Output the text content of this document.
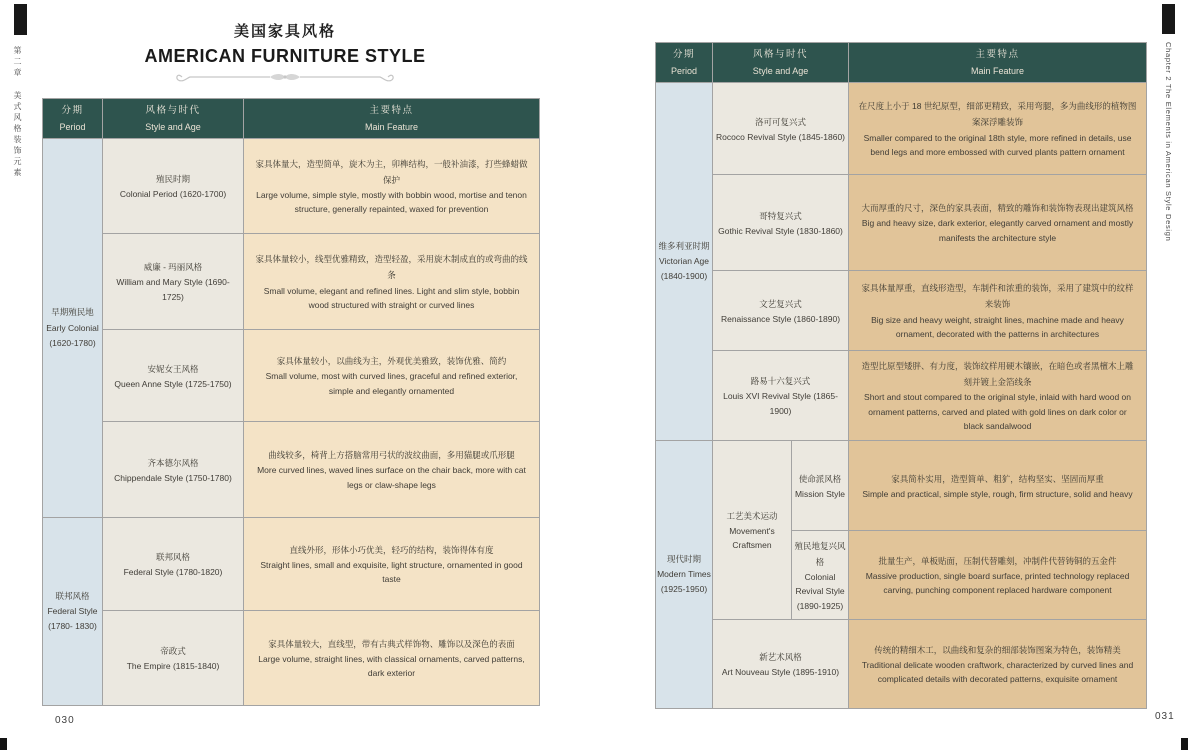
第二章 美式风格装饰元素	Chapter 2 The Elements in American Style Design
美国家具风格
AMERICAN FURNITURE STYLE
分期
Period	风格与时代
Style and Age	主要特点
Main Feature

早期殖民地
Early Colonial
(1620-1780)	殖民时期
Colonial Period (1620-1700)	家具体量大，造型简单，旋木为主，卯榫结构，一般补油漆，打些蜂蜡做保护
Large volume, simple style, mostly with bobbin wood, mortise and tenon structure, generally repainted, waxed for prevention

	威廉 - 玛丽风格
William and Mary Style (1690-1725)	家具体量较小，线型优雅精致，造型轻盈，采用旋木制成直的或弯曲的线条
Small volume, elegant and refined lines. Light and slim style, bobbin wood structured with straight or curved lines

	安妮女王风格
Queen Anne Style (1725-1750)	家具体量较小，以曲线为主，外观优美雅致，装饰优雅、简约
Small volume, most with curved lines, graceful and refined exterior, simple and elegantly ornamented

	齐本德尔风格
Chippendale Style (1750-1780)	曲线较多，椅背上方搭脑常用弓状的波纹曲面，多用猫腿或爪形腿
More curved lines, waved lines surface on the chair back, more with cat legs or claw-shape legs

联邦风格
Federal Style
(1780- 1830)	联邦风格
Federal Style (1780-1820)	直线外形，形体小巧优美，轻巧的结构，装饰得体有度
Straight lines, small and exquisite, light structure, ornamented in good taste

	帝政式
The Empire (1815-1840)	家具体量较大，直线型，带有古典式样饰物、雕饰以及深色的表面
Large volume, straight lines, with classical ornaments, carved patterns, dark exterior
分期
Period	风格与时代
Style and Age		主要特点
Main Feature

维多利亚时期
Victorian Age
(1840-1900)	洛可可复兴式
Rococo Revival Style (1845-1860)		在尺度上小于 18 世纪原型，细部更精致，采用弯腿，多为曲线形的植物图案深浮雕装饰
Smaller compared to the original 18th style, more refined in details, use bend legs and more embossed with curved plants pattern ornament

	哥特复兴式
Gothic Revival Style (1830-1860)		大而厚重的尺寸，深色的家具表面，精致的雕饰和装饰物表现出建筑风格
Big and heavy size, dark exterior, elegantly carved ornament and mostly manifests the architecture style

	文艺复兴式
Renaissance Style (1860-1890)		家具体量厚重，直线形造型，车制件和浓重的装饰，采用了建筑中的纹样来装饰
Big size and heavy weight, straight lines, machine made and heavy ornament, decorated with the patterns in architectures

	路易十六复兴式
Louis XVI Revival Style (1865-1900)		造型比原型矮胖、有力度，装饰纹样用硬木镶嵌，在暗色或者黑檀木上雕刻并镀上金箔线条
Short and stout compared to the original style, inlaid with hard wood on ornament patterns, carved and plated with gold lines on dark color or black sandalwood

现代时期
Modern Times
(1925-1950)	工艺美术运动
Movement's Craftsmen	使命派风格
Mission Style	家具简朴实用，造型简单、粗犷，结构坚实、坚固而厚重
Simple and practical, simple style, rough, firm structure, solid and heavy

		殖民地复兴风格
Colonial Revival Style
(1890-1925)	批量生产，单板贴面，压制代替雕刻，冲制件代替铸铜的五金件
Massive production, single board surface, printed technology replaced carving, punching component replaced hardware component

	新艺术风格
Art Nouveau Style (1895-1910)		传统的精细木工，以曲线和复杂的细部装饰图案为特色，装饰精美
Traditional delicate wooden craftwork, characterized by curved lines and complicated details with decorated patterns, exquisite ornament
030	031
